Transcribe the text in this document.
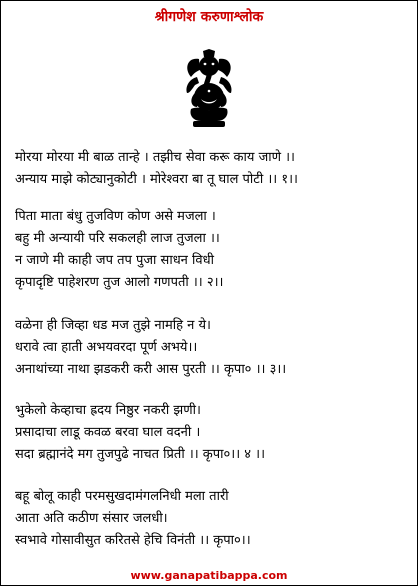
श्रीगणेश करुणाश्लोक
मोरया मोरया मी बाळ तान्हे । तझीच सेवा करू काय जाणे ।।
अन्याय माझे कोट्यानुकोटी । मोरेश्वरा बा तू घाल पोटी ।। १।।
पिता माता बंधु तुजविण कोण असे मजला ।
बहु मी अन्यायी परि सकलही लाज तुजला ।।
न जाणे मी काही जप तप पुजा साधन विधी
कृपादृष्टि पाहेशरण तुज आलो गणपती ।। २।।
वळेना ही जिव्हा धड मज तुझे नामहि न ये।
धरावे त्वा हाती अभयवरदा पूर्ण अभये।।
अनाथांच्या नाथा झडकरी करी आस पुरती ।। कृपा० ।। ३।।
भुकेलो केव्हाचा ह्रदय निष्ठुर नकरी झणी।
प्रसादाचा लाडू कवळ बरवा घाल वदनी ।
सदा ब्रह्मानंदे मग तुजपुढे नाचत प्रिती ।। कृपा०।। ४ ।।
बहू बोलू काही परमसुखदामंगलनिधी मला तारी
आता अति कठीण संसार जलधी।
स्वभावे गोसावीसुत करितसे हेचि विनंती ।। कृपा०।।
www.ganapatibappa.com
